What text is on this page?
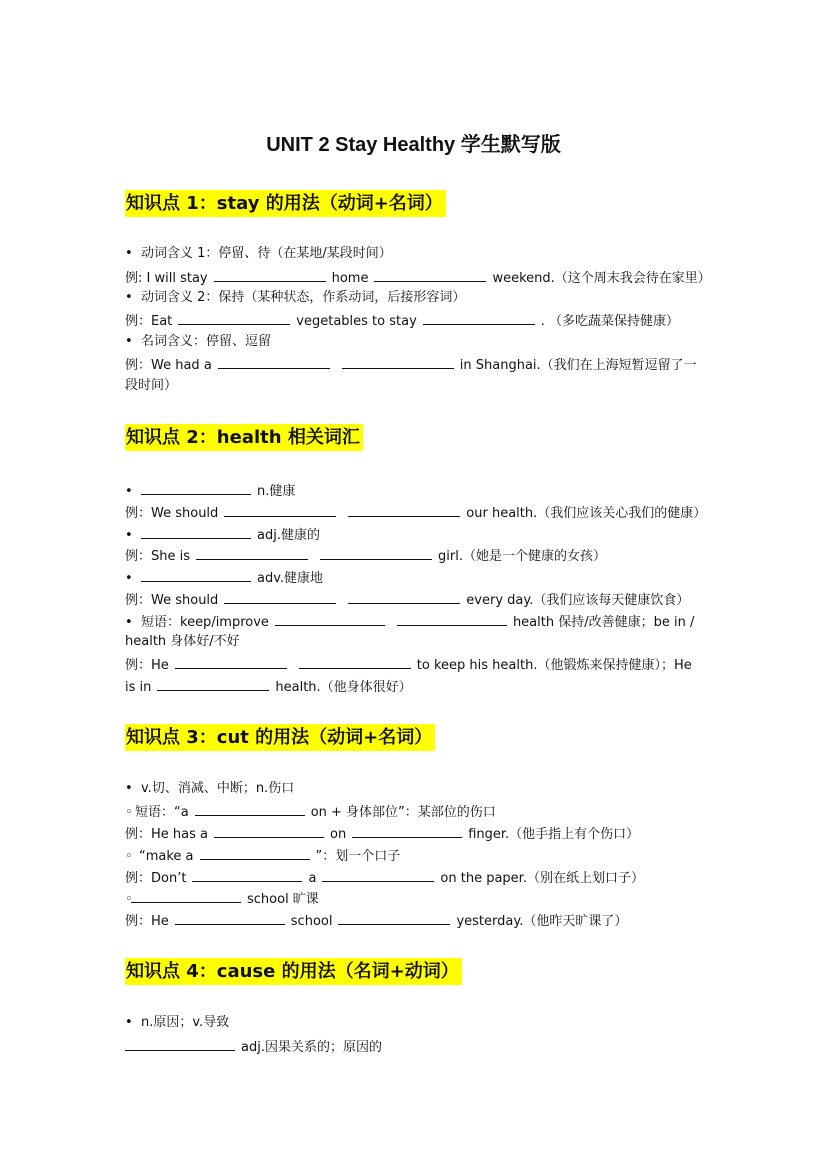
UNIT 2 Stay Healthy 学生默写版
知识点 1：stay 的用法（动词+名词）
• 动词含义 1：停留、待（在某地/某段时间）
例: I will stay	home	weekend.（这个周末我会待在家里）
• 动词含义 2：保持（某种状态，作系动词，后接形容词）
例：Eat	vegetables to stay	. （多吃蔬菜保持健康）
• 名词含义：停留、逗留
例：We had a	in Shanghai.（我们在上海短暂逗留了一
段时间）
知识点 2：health 相关词汇
•	n.健康
例：We should	our health.（我们应该关心我们的健康）
•	adj.健康的
例：She is	girl.（她是一个健康的女孩）
•	adv.健康地
例：We should	every day.（我们应该每天健康饮食）
• 短语：keep/improve	health 保持/改善健康；be in /
health 身体好/不好
例：He	to keep his health.（他锻炼来保持健康）；He
is in	health.（他身体很好）
知识点 3：cut 的用法（动词+名词）
• v.切、消减、中断；n.伤口
◦ 短语：“a	on + 身体部位”：某部位的伤口
例：He has a	on	finger.（他手指上有个伤口）
◦ “make a	”：划一个口子
例：Don’t	a	on the paper.（别在纸上划口子）
◦	school 旷课
例：He	school	yesterday.（他昨天旷课了）
知识点 4：cause 的用法（名词+动词）
• n.原因；v.导致
adj.因果关系的；原因的
